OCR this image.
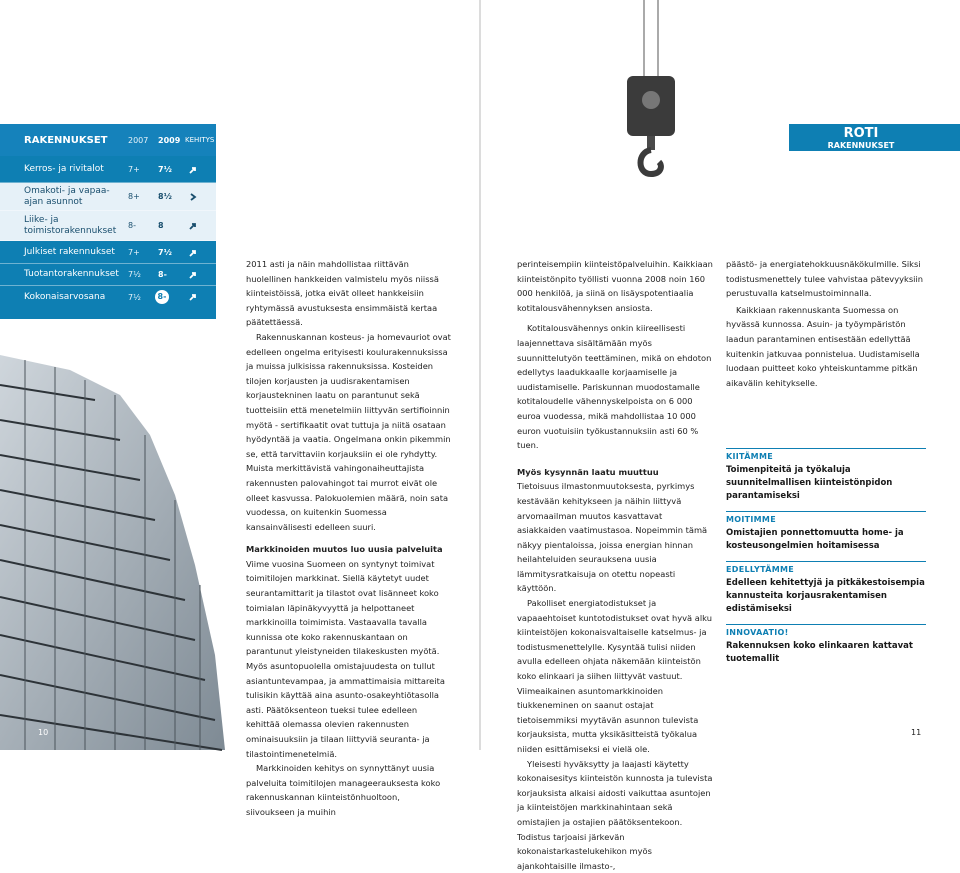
RAKENNUKSET	2007 2009 KEHITYS
Kerros- ja rivitalot	7+ 7½
Omakoti- ja vapaa-ajan asunnot	8+ 8½
Liike- ja toimistorakennukset	8-	8
Julkiset rakennukset 7+ 7½
Tuotantorakennukset 7½ 8-
Kokonaisarvosana	7½	8-

2011 asti ja näin mahdollistaa riittävän huolellinen hankkeiden valmistelu myös niissä kiinteistöissä, jotka eivät olleet hankkeisiin ryhtymässä avustuksesta ensimmäistä kertaa päätettäessä.

Rakennuskannan kosteus- ja homevauriot ovat edelleen ongelma erityisesti koulurakennuksissa ja muissa julkisissa rakennuksissa. Kosteiden tilojen korjausten ja uudisrakentamisen korjaustekninen laatu on parantunut sekä tuotteisiin että menetelmiin liittyvän sertifioinnin myötä - sertifikaatit ovat tuttuja ja niitä osataan hyödyntää ja vaatia. Ongelmana onkin pikemmin se, että tarvittaviin korjauksiin ei ole ryhdytty. Muista merkittävistä vahingonaiheuttajista rakennusten palovahingot tai murrot eivät ole olleet kasvussa. Palokuolemien määrä, noin sata vuodessa, on kuitenkin Suomessa kansainvälisesti edelleen suuri.

Markkinoiden muutos luo uusia palveluita

Viime vuosina Suomeen on syntynyt toimivat toimitilojen markkinat. Siellä käytetyt uudet seurantamittarit ja tilastot ovat lisänneet koko toimialan läpinäkyvyyttä ja helpottaneet markkinoilla toimimista. Vastaavalla tavalla kunnissa ote koko rakennuskantaan on parantunut yleistyneiden tilakeskusten myötä. Myös asuntopuolella omistajuudesta on tullut asiantuntevampaa, ja ammattimaisia mittareita tulisikin käyttää aina asunto-osakeyhtiötasolla asti. Päätöksenteon tueksi tulee edelleen kehittää olemassa olevien rakennusten ominaisuuksiin ja tilaan liittyviä seuranta- ja tilastointimenetelmiä.

Markkinoiden kehitys on synnyttänyt uusia palveluita toimitilojen manageerauksesta koko rakennuskannan kiinteistönhuoltoon, siivoukseen ja muihin

10
ROTI
RAKENNUKSET

perinteisempiin kiinteistöpalveluihin. Kaikkiaan kiinteistönpito työllisti vuonna 2008 noin 160 000 henkilöä, ja siinä on lisäyspotentiaalia kotitalousvähennyksen ansiosta.

Kotitalousvähennys onkin kiireellisesti laajennettava sisältämään myös suunnittelutyön teettäminen, mikä on ehdoton edellytys laadukkaalle korjaamiselle ja uudistamiselle. Pariskunnan muodostamalle kotitaloudelle vähennyskelpoista on 6 000 euroa vuodessa, mikä mahdollistaa 10 000 euron vuotuisiin työkustannuksiin asti 60 % tuen.

Myös kysynnän laatu muuttuu

Tietoisuus ilmastonmuutoksesta, pyrkimys kestävään kehitykseen ja näihin liittyvä arvomaailman muutos kasvattavat asiakkaiden vaatimustasoa. Nopeimmin tämä näkyy pientaloissa, joissa energian hinnan heilahteluiden seurauksena uusia lämmitysratkaisuja on otettu nopeasti käyttöön.

Pakolliset energiatodistukset ja vapaaehtoiset kuntotodistukset ovat hyvä alku kiinteistöjen kokonaisvaltaiselle katselmus- ja todistusmenettelylle. Kysyntää tulisi niiden avulla edelleen ohjata näkemään kiinteistön koko elinkaari ja siihen liittyvät vastuut. Viimeaikainen asuntomarkkinoiden tiukkeneminen on saanut ostajat tietoisemmiksi myytävän asunnon tulevista korjauksista, mutta yksikäsitteistä työkalua niiden esittämiseksi ei vielä ole.

Yleisesti hyväksytty ja laajasti käytetty kokonaisesitys kiinteistön kunnosta ja tulevista korjauksista alkaisi aidosti vaikuttaa asuntojen ja kiinteistöjen markkinahintaan sekä omistajien ja ostajien päätöksentekoon. Todistus tarjoaisi järkevän kokonaistarkastelukehikon myös ajankohtaisille ilmasto-,

päästö- ja energiatehokkuusnäkökulmille. Siksi todistusmenettely tulee vahvistaa pätevyyksiin perustuvalla katselmustoiminnalla.

Kaikkiaan rakennuskanta Suomessa on hyvässä kunnossa. Asuin- ja työympäristön laadun parantaminen entisestään edellyttää kuitenkin jatkuvaa ponnistelua. Uudistamisella luodaan puitteet koko yhteiskuntamme pitkän aikavälin kehitykselle.

KIITÄMME
Toimenpiteitä ja työkaluja suunnitelmallisen kiinteistönpidon parantamiseksi
MOITIMME
Omistajien ponnettomuutta home- ja kosteusongelmien hoitamisessa
EDELLYTÄMME
Edelleen kehitettyjä ja pitkäkestoisempia kannusteita korjausrakentamisen edistämiseksi
INNOVAATIO!
Rakennuksen koko elinkaaren kattavat tuotemallit
11
